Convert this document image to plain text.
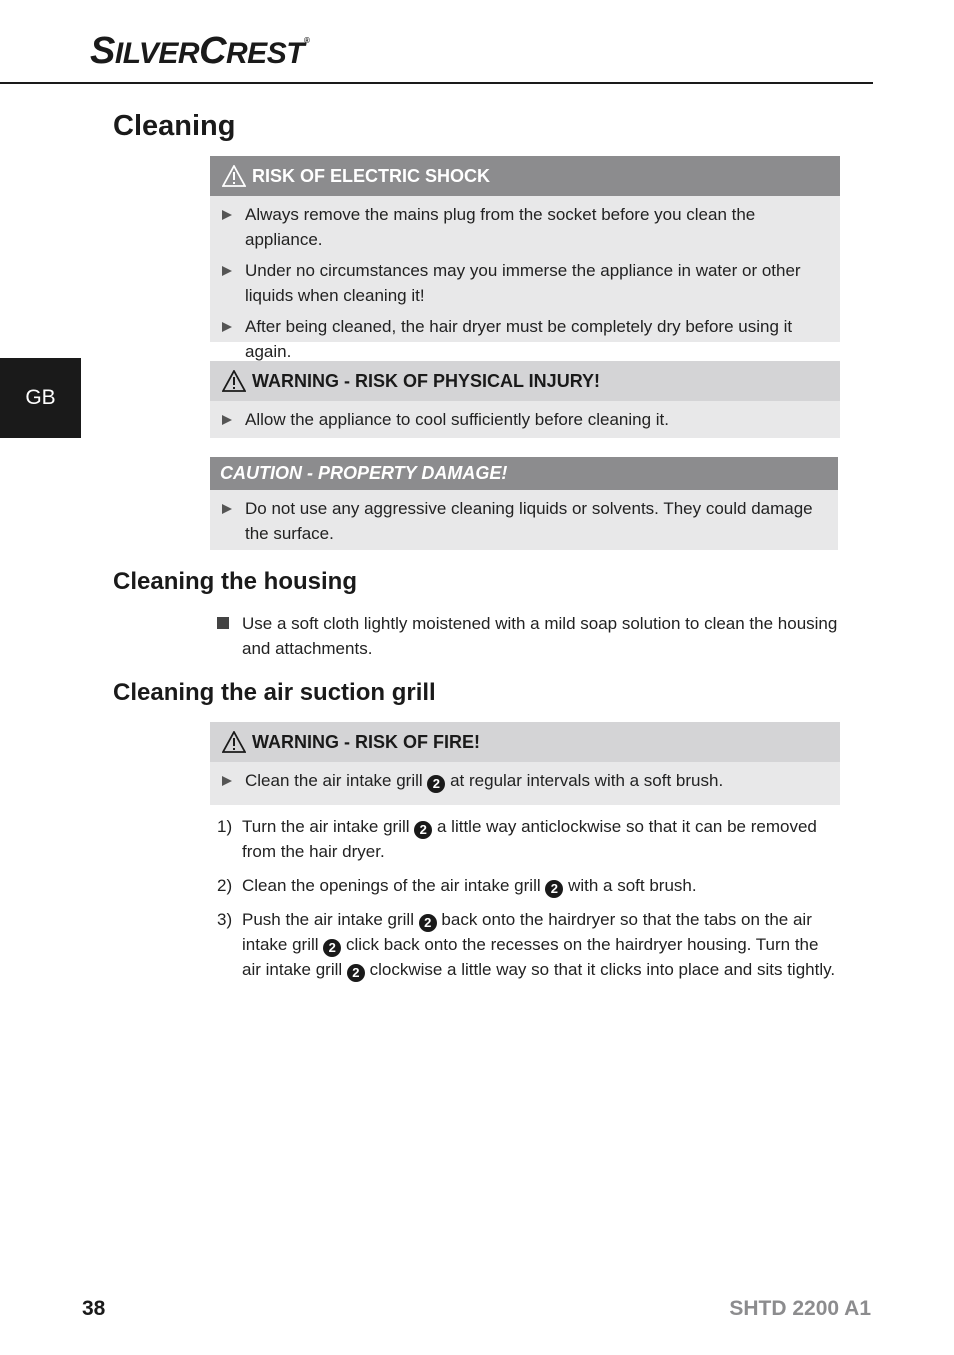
SILVERCREST®
GB
Cleaning
RISK OF ELECTRIC SHOCK
Always remove the mains plug from the socket before you clean the appliance.
Under no circumstances may you immerse the appliance in water or other liquids when cleaning it!
After being cleaned, the hair dryer must be completely dry before using it again.
WARNING - RISK OF PHYSICAL INJURY!
Allow the appliance to cool sufficiently before cleaning it.
CAUTION - PROPERTY DAMAGE!
Do not use any aggressive cleaning liquids or solvents. They could damage the surface.
Cleaning the housing
Use a soft cloth lightly moistened with a mild soap solution to clean the housing and attachments.
Cleaning the air suction grill
WARNING - RISK OF FIRE!
Clean the air intake grill 2 at regular intervals with a soft brush.
1) Turn the air intake grill 2 a little way anticlockwise so that it can be removed from the hair dryer.
2) Clean the openings of the air intake grill 2 with a soft brush.
3) Push the air intake grill 2 back onto the hairdryer so that the tabs on the air intake grill 2 click back onto the recesses on the hairdryer housing. Turn the air intake grill 2 clockwise a little way so that it clicks into place and sits tightly.
38	SHTD 2200 A1
